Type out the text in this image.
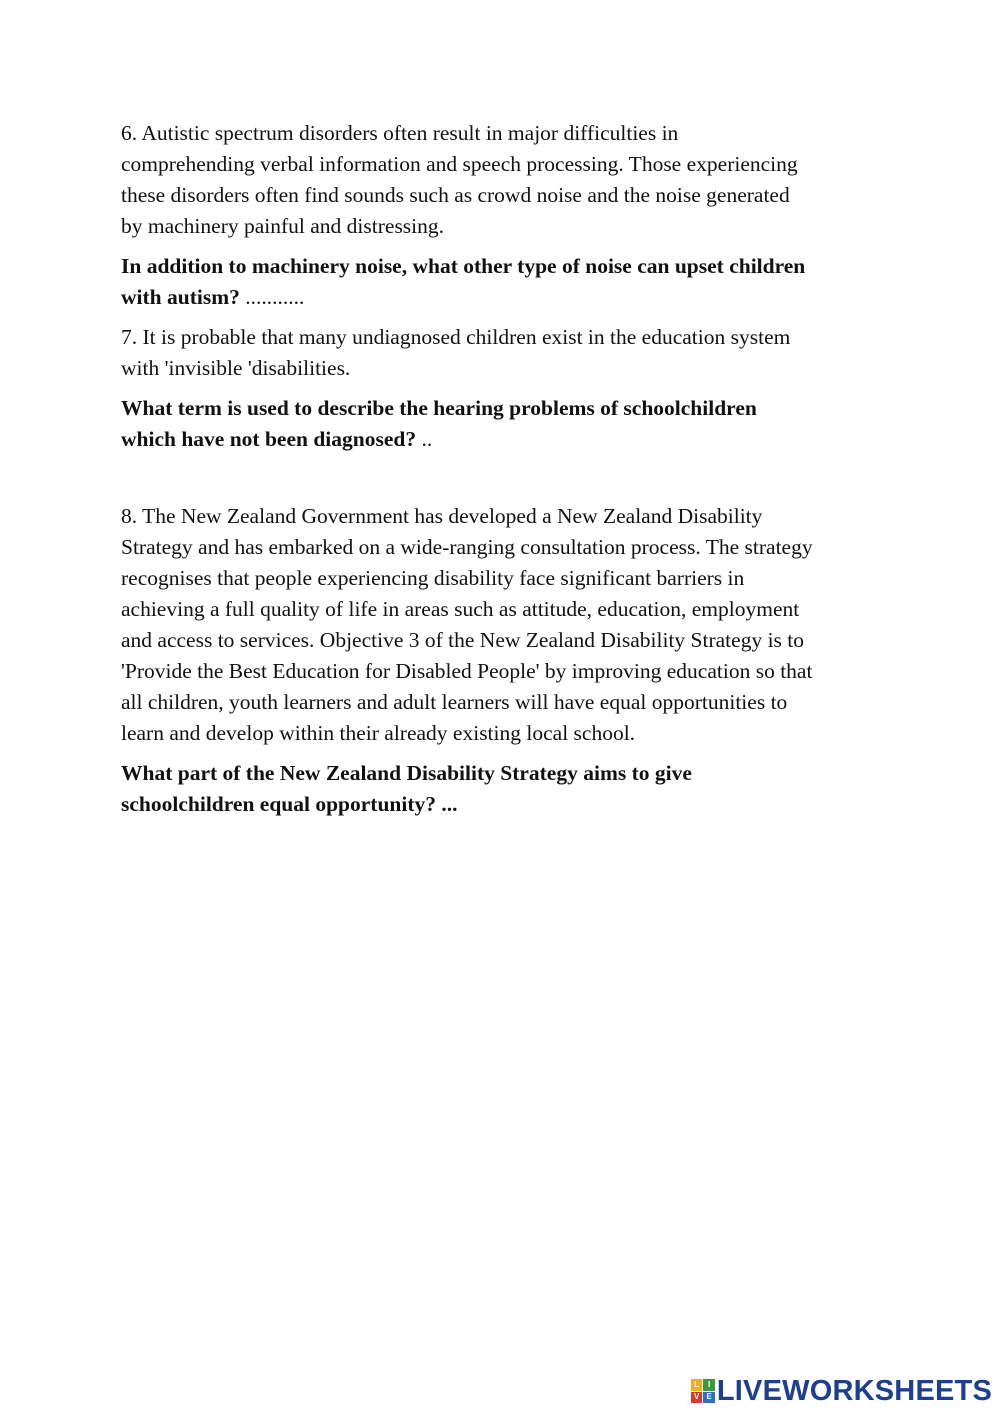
6. Autistic spectrum disorders often result in major difficulties in
comprehending verbal information and speech processing. Those experiencing
these disorders often find sounds such as crowd noise and the noise generated
by machinery painful and distressing.

In addition to machinery noise, what other type of noise can upset children
with autism? ...........

7. It is probable that many undiagnosed children exist in the education system
with 'invisible 'disabilities.

What term is used to describe the hearing problems of schoolchildren
which have not been diagnosed? ..

8. The New Zealand Government has developed a New Zealand Disability
Strategy and has embarked on a wide-ranging consultation process. The strategy
recognises that people experiencing disability face significant barriers in
achieving a full quality of life in areas such as attitude, education, employment
and access to services. Objective 3 of the New Zealand Disability Strategy is to
'Provide the Best Education for Disabled People' by improving education so that
all children, youth learners and adult learners will have equal opportunities to
learn and develop within their already existing local school.

What part of the New Zealand Disability Strategy aims to give
schoolchildren equal opportunity? ...

L	I
V E LIVEWORKSHEETS
